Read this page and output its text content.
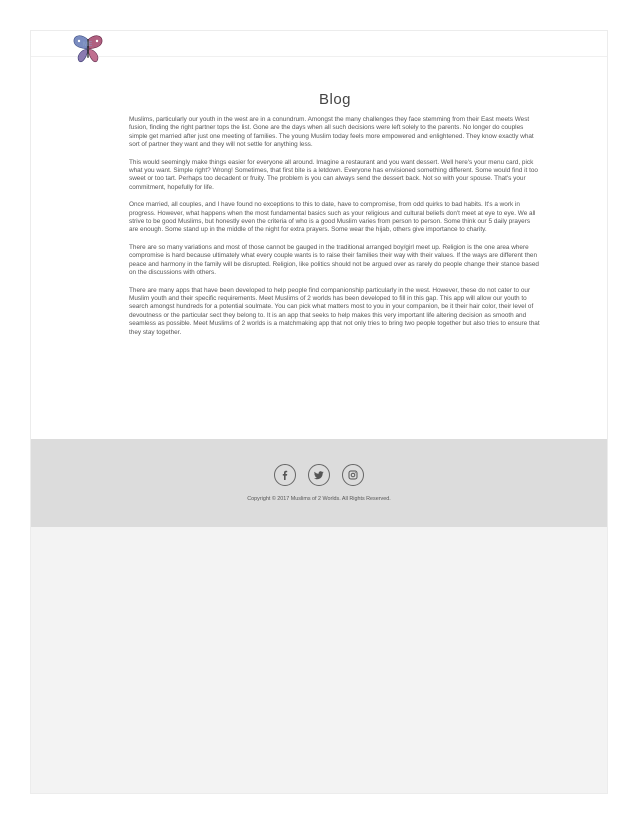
ME
Blog

Muslims, particularly our youth in the west are in a conundrum. Amongst the many challenges they face stemming from their East meets West fusion, finding the right partner tops the list. Gone are the days when all such decisions were left solely to the parents. No longer do couples simple get married after just one meeting of families. The young Muslim today feels more empowered and enlightened. They know exactly what sort of partner they want and they will not settle for anything less.

This would seemingly make things easier for everyone all around. Imagine a restaurant and you want dessert. Well here's your menu card, pick what you want. Simple right? Wrong! Sometimes, that first bite is a letdown. Everyone has envisioned something different. Some would find it too sweet or too tart. Perhaps too decadent or fruity. The problem is you can always send the dessert back. Not so with your spouse. That's your commitment, hopefully for life.

Once married, all couples, and I have found no exceptions to this to date, have to compromise, from odd quirks to bad habits. It's a work in progress. However, what happens when the most fundamental basics such as your religious and cultural beliefs don't meet at eye to eye. We all strive to be good Muslims, but honestly even the criteria of who is a good Muslim varies from person to person. Some think our 5 daily prayers are enough. Some stand up in the middle of the night for extra prayers. Some wear the hijab, others give importance to charity.

There are so many variations and most of those cannot be gauged in the traditional arranged boy/girl meet up. Religion is the one area where compromise is hard because ultimately what every couple wants is to raise their families their way with their values. If the ways are different then peace and harmony in the family will be disrupted. Religion, like politics should not be argued over as rarely do people change their stance based on the discussions with others.

There are many apps that have been developed to help people find companionship particularly in the west. However, these do not cater to our Muslim youth and their specific requirements. Meet Muslims of 2 worlds has been developed to fill in this gap. This app will allow our youth to search amongst hundreds for a potential soulmate. You can pick what matters most to you in your companion, be it their hair color, their level of devoutness or the particular sect they belong to. It is an app that seeks to help makes this very important life altering decision as smooth and seamless as possible. Meet Muslims of 2 worlds is a matchmaking app that not only tries to bring two people together but also tries to ensure that they stay together.

Copyright © 2017 Muslims of 2 Worlds. All Rights Reserved.
